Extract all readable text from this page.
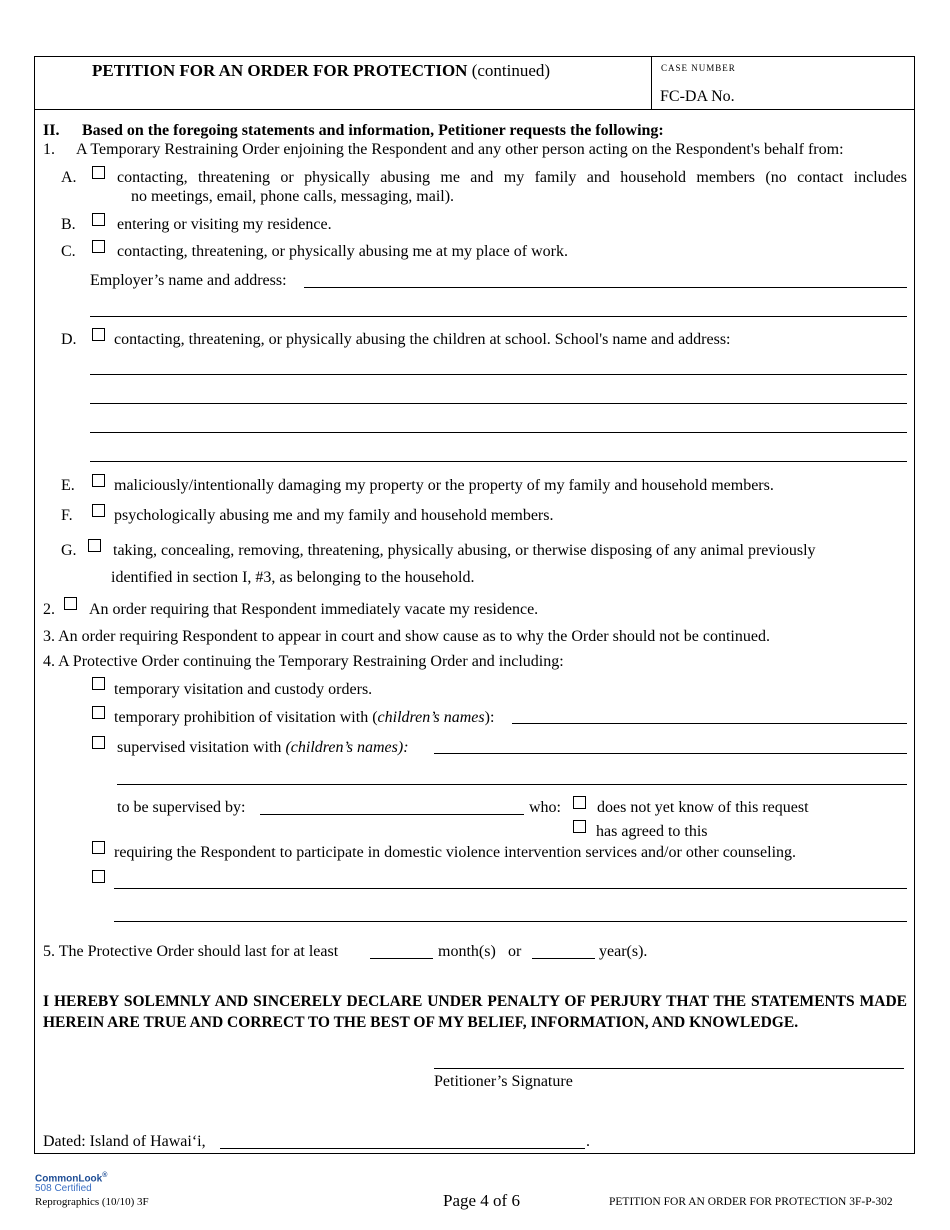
PETITION FOR AN ORDER FOR PROTECTION (continued)	CASE NUMBER
FC-DA No.
II. Based on the foregoing statements and information, Petitioner requests the following:
1. A Temporary Restraining Order enjoining the Respondent and any other person acting on the Respondent's behalf from:
A.	contacting, threatening or physically abusing me and my family and household members (no contact includes
no meetings, email, phone calls, messaging, mail).
B.	entering or visiting my residence.
C.	contacting, threatening, or physically abusing me at my place of work.
Employer’s name and address:
D. contacting, threatening, or physically abusing the children at school. School's name and address:
E. maliciously/intentionally damaging my property or the property of my family and household members.
F.	psychologically abusing me and my family and household members.
G. taking, concealing, removing, threatening, physically abusing, or therwise disposing of any animal previously
identified in section I, #3, as belonging to the household.
2. An order requiring that Respondent immediately vacate my residence.
3. An order requiring Respondent to appear in court and show cause as to why the Order should not be continued.
4. A Protective Order continuing the Temporary Restraining Order and including:
temporary visitation and custody orders.
temporary prohibition of visitation with (children’s names):
supervised visitation with (children’s names):
to be supervised by:	who: does not yet know of this request
has agreed to this
requiring the Respondent to participate in domestic violence intervention services and/or other counseling.
5. The Protective Order should last for at least	month(s) or	year(s).
I HEREBY SOLEMNLY AND SINCERELY DECLARE UNDER PENALTY OF PERJURY THAT THE STATEMENTS MADE HEREIN ARE TRUE AND CORRECT TO THE BEST OF MY BELIEF, INFORMATION, AND KNOWLEDGE.
Petitioner’s Signature
Dated: Island of Hawai‘i,	.
CommonLook®
508 Certified
Reprographics (10/10) 3F	Page 4 of 6	PETITION FOR AN ORDER FOR PROTECTION 3F-P-302
